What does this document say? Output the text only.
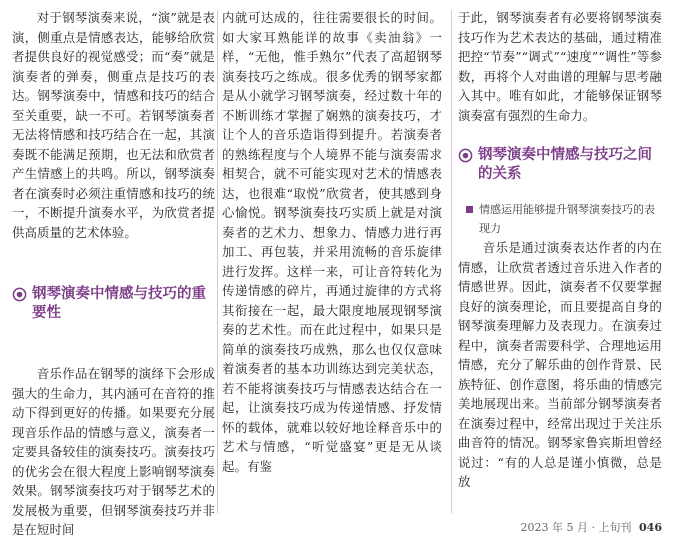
对于钢琴演奏来说，“演”就是表演，侧重点是情感表达，能够给欣赏者提供良好的视觉感受；而“奏”就是演奏者的弹奏，侧重点是技巧的表达。钢琴演奏中，情感和技巧的结合至关重要，缺一不可。若钢琴演奏者无法将情感和技巧结合在一起，其演奏既不能满足预期，也无法和欣赏者产生情感上的共鸣。所以，钢琴演奏者在演奏时必须注重情感和技巧的统一，不断提升演奏水平，为欣赏者提供高质量的艺术体验。

钢琴演奏中情感与技巧的重要性

音乐作品在钢琴的演绎下会形成强大的生命力，其内涵可在音符的推动下得到更好的传播。如果要充分展现音乐作品的情感与意义，演奏者一定要具备较佳的演奏技巧。演奏技巧的优劣会在很大程度上影响钢琴演奏效果。钢琴演奏技巧对于钢琴艺术的发展极为重要，但钢琴演奏技巧并非是在短时间

内就可达成的，往往需要很长的时间。如大家耳熟能详的故事《卖油翁》一样，“无他，惟手熟尔”代表了高超钢琴演奏技巧之练成。很多优秀的钢琴家都是从小就学习钢琴演奏，经过数十年的不断训练才掌握了娴熟的演奏技巧，才让个人的音乐造诣得到提升。若演奏者的熟练程度与个人境界不能与演奏需求相契合，就不可能实现对艺术的情感表达，也很难“取悦”欣赏者，使其感到身心愉悦。钢琴演奏技巧实质上就是对演奏者的艺术力、想象力、情感力进行再加工、再包装，并采用流畅的音乐旋律进行发挥。这样一来，可让音符转化为传递情感的碎片，再通过旋律的方式将其衔接在一起，最大限度地展现钢琴演奏的艺术性。而在此过程中，如果只是简单的演奏技巧成熟，那么也仅仅意味着演奏者的基本功训练达到完美状态，若不能将演奏技巧与情感表达结合在一起，让演奏技巧成为传递情感、抒发情怀的载体，就难以较好地诠释音乐中的艺术与情感，“听觉盛宴”更是无从谈起。有鉴

于此，钢琴演奏者有必要将钢琴演奏技巧作为艺术表达的基础，通过精准把控“节奏”“调式”“速度”“调性”等参数，再将个人对曲谱的理解与思考融入其中。唯有如此，才能够保证钢琴演奏富有强烈的生命力。

钢琴演奏中情感与技巧之间的关系
情感运用能够提升钢琴演奏技巧的表现力

音乐是通过演奏表达作者的内在情感，让欣赏者透过音乐进入作者的情感世界。因此，演奏者不仅要掌握良好的演奏理论，而且要提高自身的钢琴演奏理解力及表现力。在演奏过程中，演奏者需要科学、合理地运用情感，充分了解乐曲的创作背景、民族特征、创作意图，将乐曲的情感完美地展现出来。当前部分钢琴演奏者在演奏过程中，经常出现过于关注乐曲音符的情况。钢琴家鲁宾斯坦曾经说过：“有的人总是谨小慎微，总是放

2023 年 5 月 · 上旬刊 046
